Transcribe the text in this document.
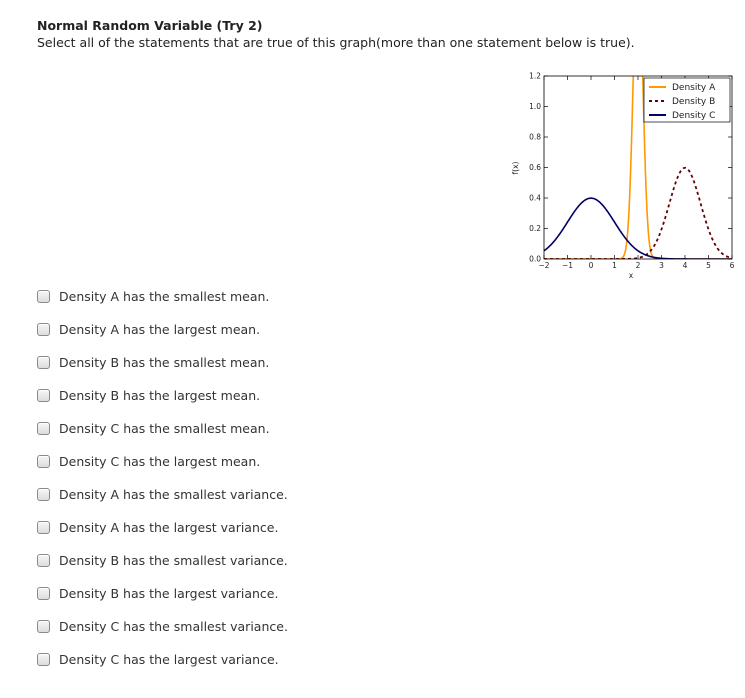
Normal Random Variable (Try 2)
Select all of the statements that are true of this graph(more than one statement below is true).
−2 −1 0 1 2 3 4 5 6
0.0
0.2
0.4
0.6
0.8
1.0
1.2
x
f(x)
Density A
Density B
Density C
Density A has the smallest mean.
Density A has the largest mean.
Density B has the smallest mean.
Density B has the largest mean.
Density C has the smallest mean.
Density C has the largest mean.
Density A has the smallest variance.
Density A has the largest variance.
Density B has the smallest variance.
Density B has the largest variance.
Density C has the smallest variance.
Density C has the largest variance.
